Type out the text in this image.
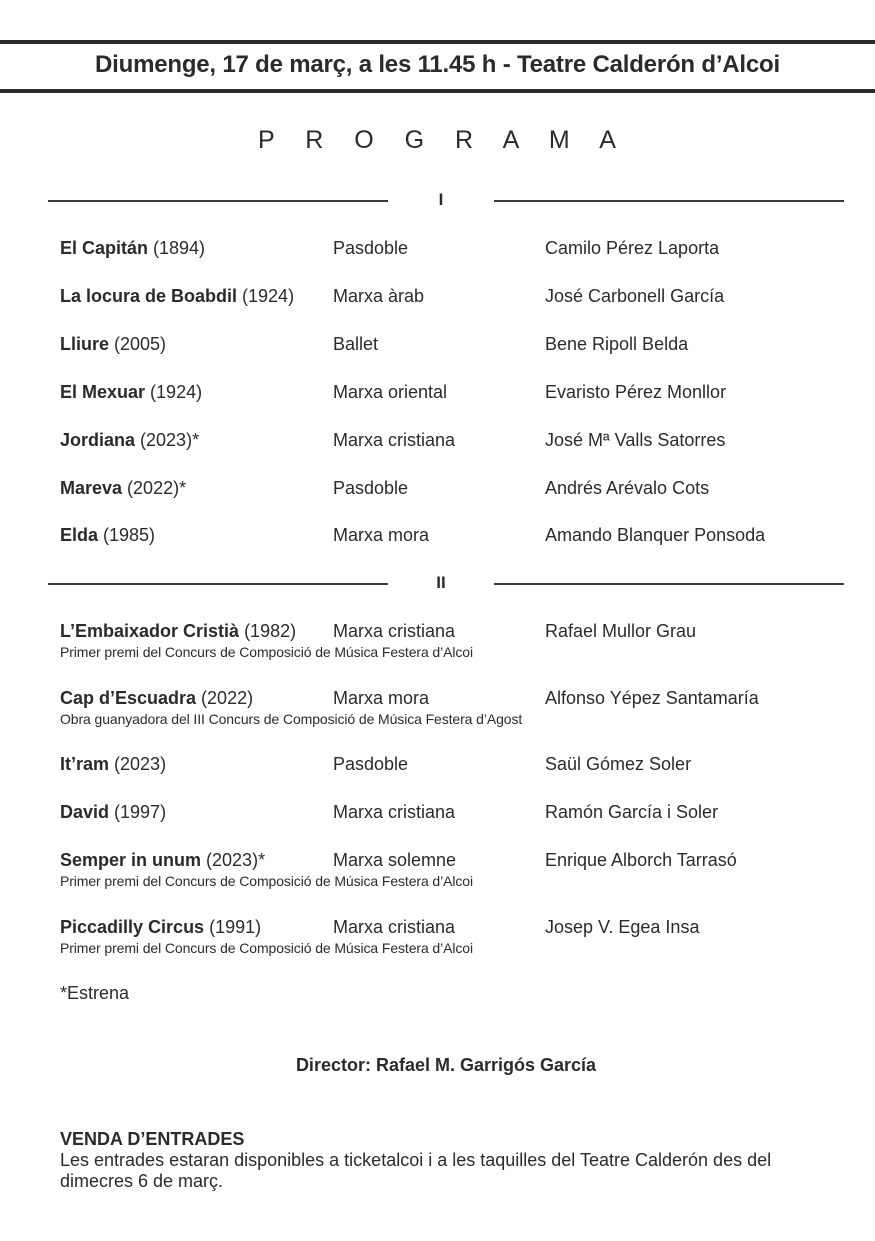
Diumenge, 17 de març, a les 11.45 h - Teatre Calderón d’Alcoi
P R O G R A M A
I
El Capitán (1894)	Pasdoble	Camilo Pérez Laporta
La locura de Boabdil (1924) Marxa àrab	José Carbonell García
Lliure (2005)	Ballet	Bene Ripoll Belda
El Mexuar (1924)	Marxa oriental	Evaristo Pérez Monllor
Jordiana (2023)*	Marxa cristiana	José Mª Valls Satorres
Mareva (2022)*	Pasdoble	Andrés Arévalo Cots
Elda (1985)	Marxa mora	Amando Blanquer Ponsoda
II
L’Embaixador Cristià (1982) Marxa cristiana	Rafael Mullor Grau
Primer premi del Concurs de Composició de Música Festera d’Alcoi
Cap d’Escuadra (2022)	Marxa mora	Alfonso Yépez Santamaría
Obra guanyadora del III Concurs de Composició de Música Festera d’Agost
It’ram (2023)	Pasdoble	Saül Gómez Soler
David (1997)	Marxa cristiana	Ramón García i Soler
Semper in unum (2023)*	Marxa solemne	Enrique Alborch Tarrasó
Primer premi del Concurs de Composició de Música Festera d’Alcoi
Piccadilly Circus (1991)	Marxa cristiana	Josep V. Egea Insa
Primer premi del Concurs de Composició de Música Festera d’Alcoi
*Estrena
Director: Rafael M. Garrigós García
VENDA D’ENTRADES
Les entrades estaran disponibles a ticketalcoi i a les taquilles del Teatre Calderón des del dimecres 6 de març.
